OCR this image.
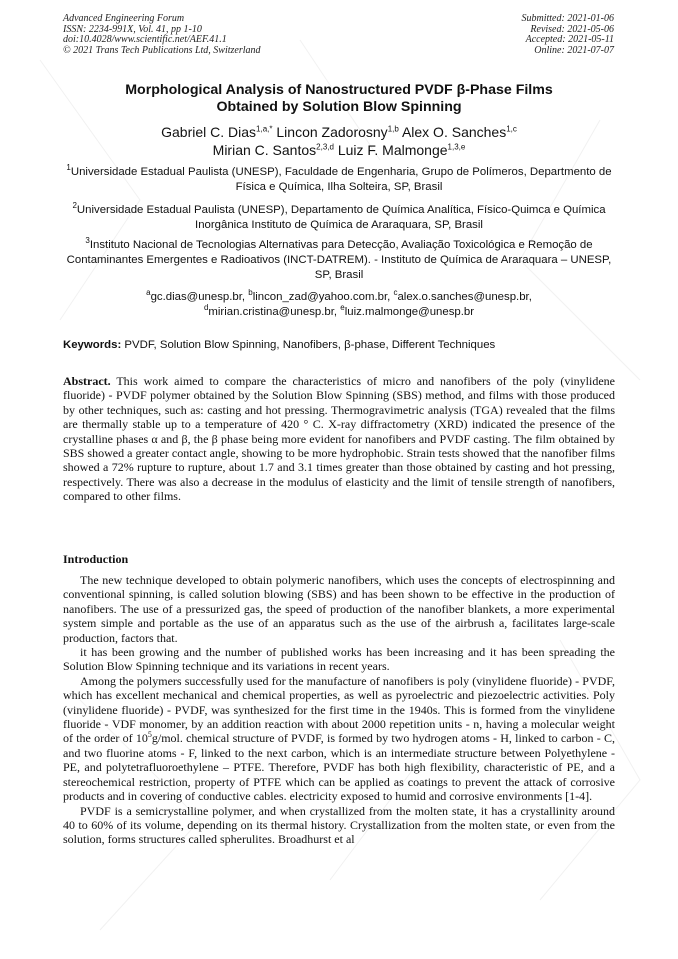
Advanced Engineering Forum
ISSN: 2234-991X, Vol. 41, pp 1-10
doi:10.4028/www.scientific.net/AEF.41.1
© 2021 Trans Tech Publications Ltd, Switzerland
Submitted: 2021-01-06
Revised: 2021-05-06
Accepted: 2021-05-11
Online: 2021-07-07
Morphological Analysis of Nanostructured PVDF β-Phase Films
Obtained by Solution Blow Spinning
Gabriel C. Dias$^{1,a,*}$ Lincon Zadorosny$^{1,b}$ Alex O. Sanches$^{1,c}$
Mirian C. Santos$^{2,3,d}$ Luiz F. Malmonge$^{1,3,e}$
$^1$Universidade Estadual Paulista (UNESP), Faculdade de Engenharia, Grupo de Polímeros, Departmento de Física e Química, Ilha Solteira, SP, Brasil
$^2$Universidade Estadual Paulista (UNESP), Departamento de Química Analítica, Físico-Quimca e Química Inorgânica Instituto de Química de Araraquara, SP, Brasil
$^3$Instituto Nacional de Tecnologias Alternativas para Detecção, Avaliação Toxicológica e Remoção de Contaminantes Emergentes e Radioativos (INCT-DATREM). - Instituto de Química de Araraquara – UNESP, SP, Brasil
$^a$gc.dias@unesp.br, $^b$lincon_zad@yahoo.com.br, $^c$alex.o.sanches@unesp.br,
$^d$mirian.cristina@unesp.br, $^e$luiz.malmonge@unesp.br
Keywords: PVDF, Solution Blow Spinning, Nanofibers, β-phase, Different Techniques
Abstract. This work aimed to compare the characteristics of micro and nanofibers of the poly (vinylidene fluoride) - PVDF polymer obtained by the Solution Blow Spinning (SBS) method, and films with those produced by other techniques, such as: casting and hot pressing. Thermogravimetric analysis (TGA) revealed that the films are thermally stable up to a temperature of 420 ° C. X-ray diffractometry (XRD) indicated the presence of the crystalline phases α and β, the β phase being more evident for nanofibers and PVDF casting. The film obtained by SBS showed a greater contact angle, showing to be more hydrophobic. Strain tests showed that the nanofiber films showed a 72% rupture to rupture, about 1.7 and 3.1 times greater than those obtained by casting and hot pressing, respectively. There was also a decrease in the modulus of elasticity and the limit of tensile strength of nanofibers, compared to other films.
Introduction

The new technique developed to obtain polymeric nanofibers, which uses the concepts of electrospinning and conventional spinning, is called solution blowing (SBS) and has been shown to be effective in the production of nanofibers. The use of a pressurized gas, the speed of production of the nanofiber blankets, a more experimental system simple and portable as the use of an apparatus such as the use of the airbrush a, facilitates large-scale production, factors that.

it has been growing and the number of published works has been increasing and it has been spreading the Solution Blow Spinning technique and its variations in recent years.

Among the polymers successfully used for the manufacture of nanofibers is poly (vinylidene fluoride) - PVDF, which has excellent mechanical and chemical properties, as well as pyroelectric and piezoelectric activities. Poly (vinylidene fluoride) - PVDF, was synthesized for the first time in the 1940s. This is formed from the vinylidene fluoride - VDF monomer, by an addition reaction with about 2000 repetition units - n, having a molecular weight of the order of $10^5g$/mol. chemical structure of PVDF, is formed by two hydrogen atoms - H, linked to carbon - C, and two fluorine atoms - F, linked to the next carbon, which is an intermediate structure between Polyethylene - PE, and polytetrafluoroethylene – PTFE. Therefore, PVDF has both high flexibility, characteristic of PE, and a stereochemical restriction, property of PTFE which can be applied as coatings to prevent the attack of corrosive products and in covering of conductive cables. electricity exposed to humid and corrosive environments [1-4].

PVDF is a semicrystalline polymer, and when crystallized from the molten state, it has a crystallinity around 40 to 60% of its volume, depending on its thermal history. Crystallization from the molten state, or even from the solution, forms structures called spherulites. Broadhurst et al
